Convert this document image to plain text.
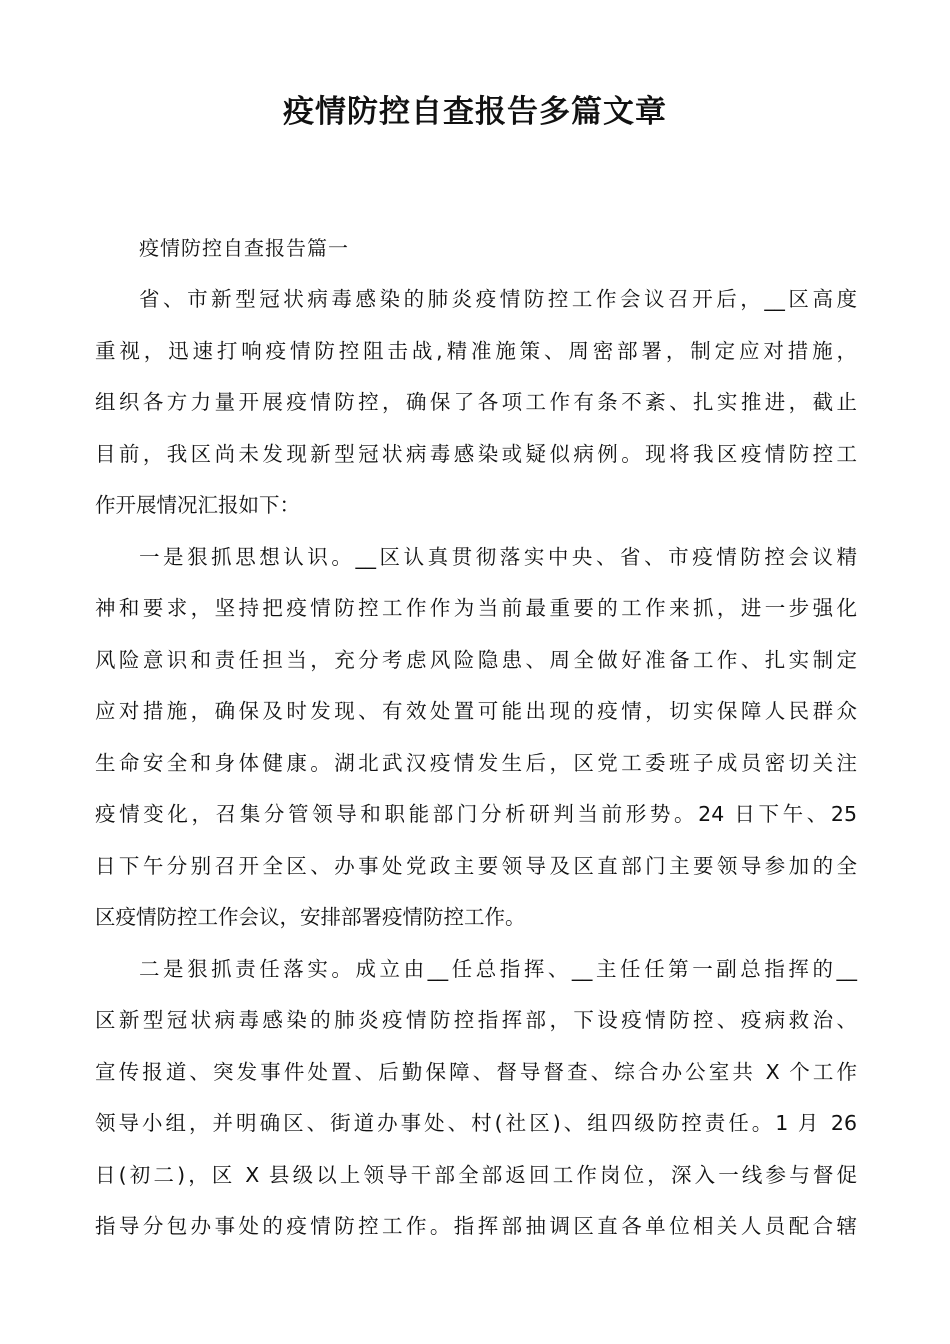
疫情防控自查报告多篇文章

疫情防控自查报告篇一

省、市新型冠状病毒感染的肺炎疫情防控工作会议召开后，__区高度
重视，迅速打响疫情防控阻击战,精准施策、周密部署，制定应对措施，
组织各方力量开展疫情防控，确保了各项工作有条不紊、扎实推进，截止
目前，我区尚未发现新型冠状病毒感染或疑似病例。现将我区疫情防控工
作开展情况汇报如下：

一是狠抓思想认识。__区认真贯彻落实中央、省、市疫情防控会议精
神和要求，坚持把疫情防控工作作为当前最重要的工作来抓，进一步强化
风险意识和责任担当，充分考虑风险隐患、周全做好准备工作、扎实制定
应对措施，确保及时发现、有效处置可能出现的疫情，切实保障人民群众
生命安全和身体健康。湖北武汉疫情发生后，区党工委班子成员密切关注
疫情变化，召集分管领导和职能部门分析研判当前形势。24 日下午、25
日下午分别召开全区、办事处党政主要领导及区直部门主要领导参加的全
区疫情防控工作会议，安排部署疫情防控工作。

二是狠抓责任落实。成立由__任总指挥、__主任任第一副总指挥的__
区新型冠状病毒感染的肺炎疫情防控指挥部，下设疫情防控、疫病救治、
宣传报道、突发事件处置、后勤保障、督导督查、综合办公室共 X 个工作
领导小组，并明确区、街道办事处、村(社区)、组四级防控责任。1 月 26
日(初二)，区 X 县级以上领导干部全部返回工作岗位，深入一线参与督促
指导分包办事处的疫情防控工作。指挥部抽调区直各单位相关人员配合辖
